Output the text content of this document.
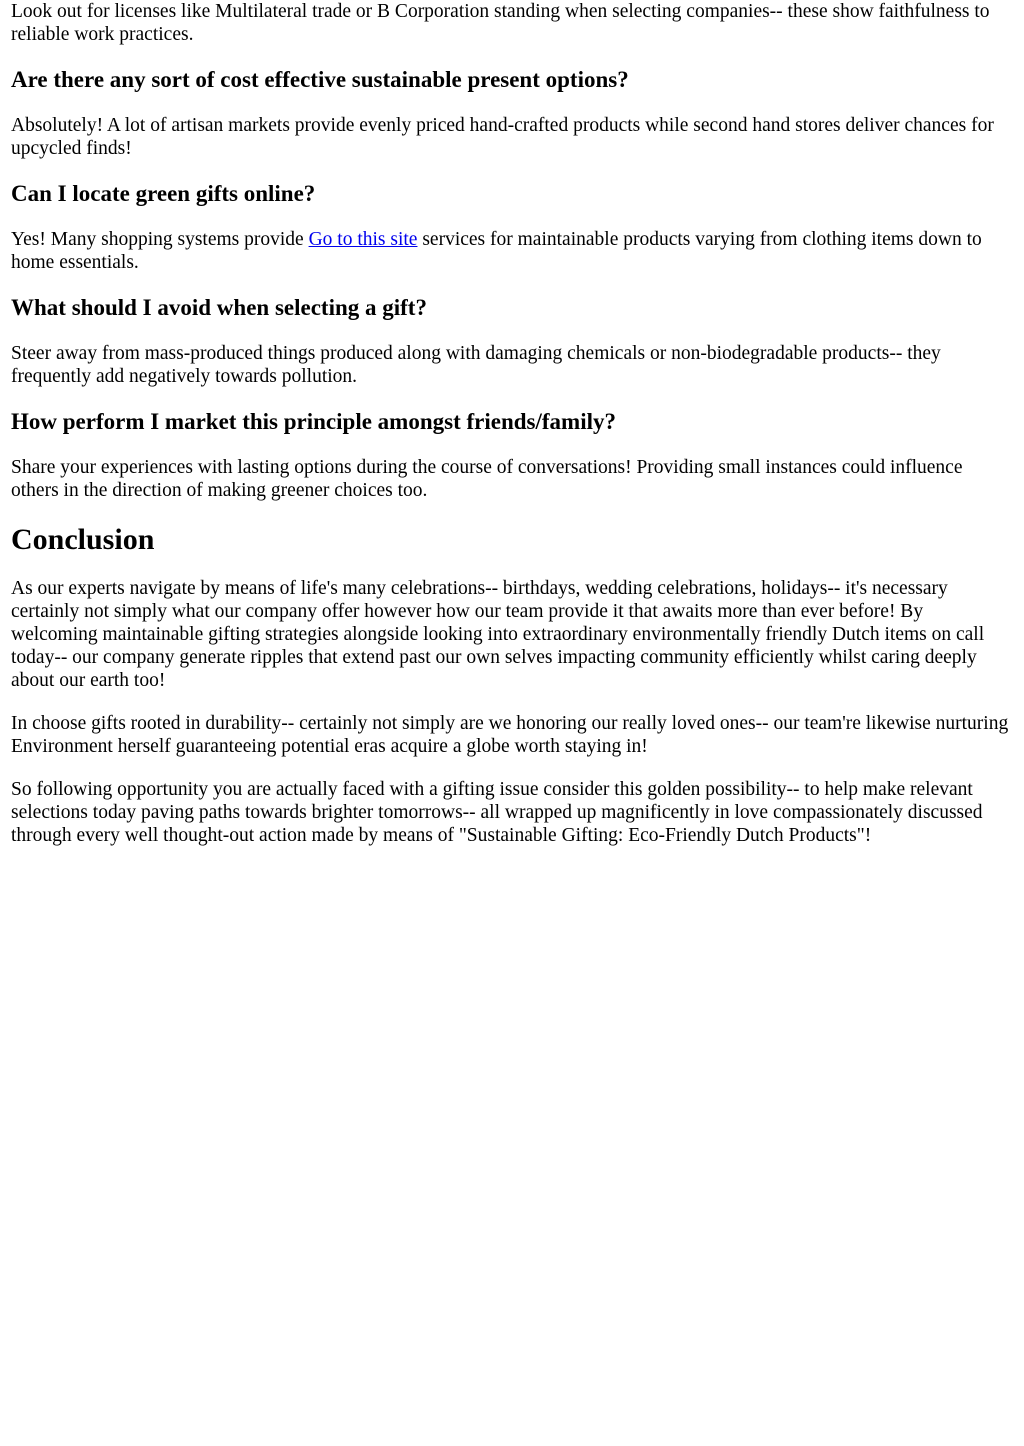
Look out for licenses like Multilateral trade or B Corporation standing when selecting companies-- these show faithfulness to reliable work practices.

Are there any sort of cost effective sustainable present options?

Absolutely! A lot of artisan markets provide evenly priced hand-crafted products while second hand stores deliver chances for upcycled finds!

Can I locate green gifts online?

Yes! Many shopping systems provide Go to this site services for maintainable products varying from clothing items down to home essentials.

What should I avoid when selecting a gift?

Steer away from mass-produced things produced along with damaging chemicals or non-biodegradable products-- they frequently add negatively towards pollution.

How perform I market this principle amongst friends/family?

Share your experiences with lasting options during the course of conversations! Providing small instances could influence others in the direction of making greener choices too.

Conclusion

As our experts navigate by means of life's many celebrations-- birthdays, wedding celebrations, holidays-- it's necessary certainly not simply what our company offer however how our team provide it that awaits more than ever before! By welcoming maintainable gifting strategies alongside looking into extraordinary environmentally friendly Dutch items on call today-- our company generate ripples that extend past our own selves impacting community efficiently whilst caring deeply about our earth too!

In choose gifts rooted in durability-- certainly not simply are we honoring our really loved ones-- our team're likewise nurturing Environment herself guaranteeing potential eras acquire a globe worth staying in!

So following opportunity you are actually faced with a gifting issue consider this golden possibility-- to help make relevant selections today paving paths towards brighter tomorrows-- all wrapped up magnificently in love compassionately discussed through every well thought-out action made by means of "Sustainable Gifting: Eco-Friendly Dutch Products"!
